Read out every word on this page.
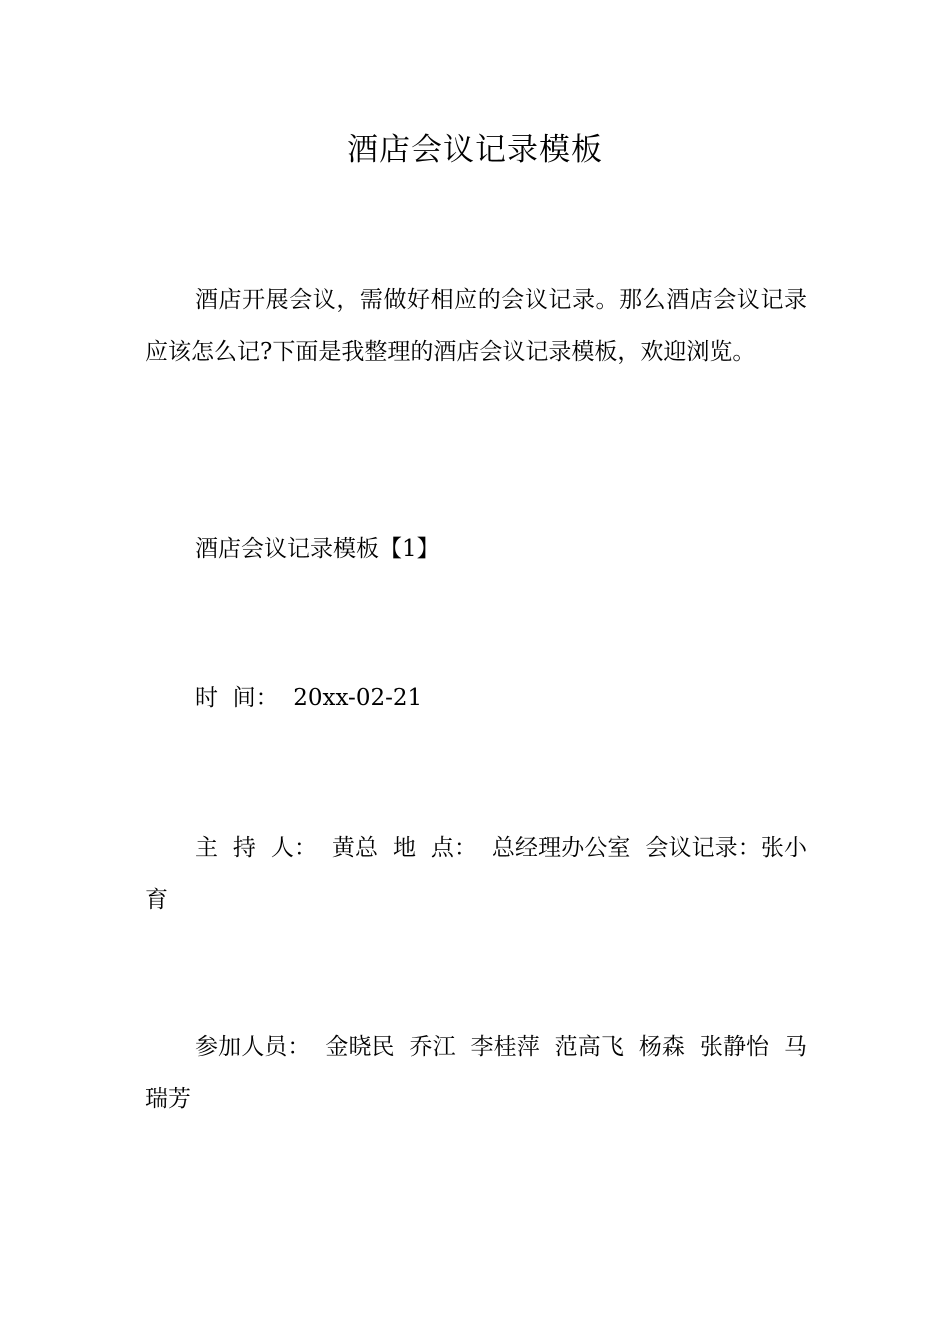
酒店会议记录模板

酒店开展会议，需做好相应的会议记录。那么酒店会议记录应该怎么记?下面是我整理的酒店会议记录模板，欢迎浏览。

酒店会议记录模板【1】

时  间：  20xx-02-21

主  持  人：  黄总  地  点：  总经理办公室  会议记录：张小育

参加人员：  金晓民  乔江  李桂萍  范高飞  杨森  张静怡  马瑞芳
